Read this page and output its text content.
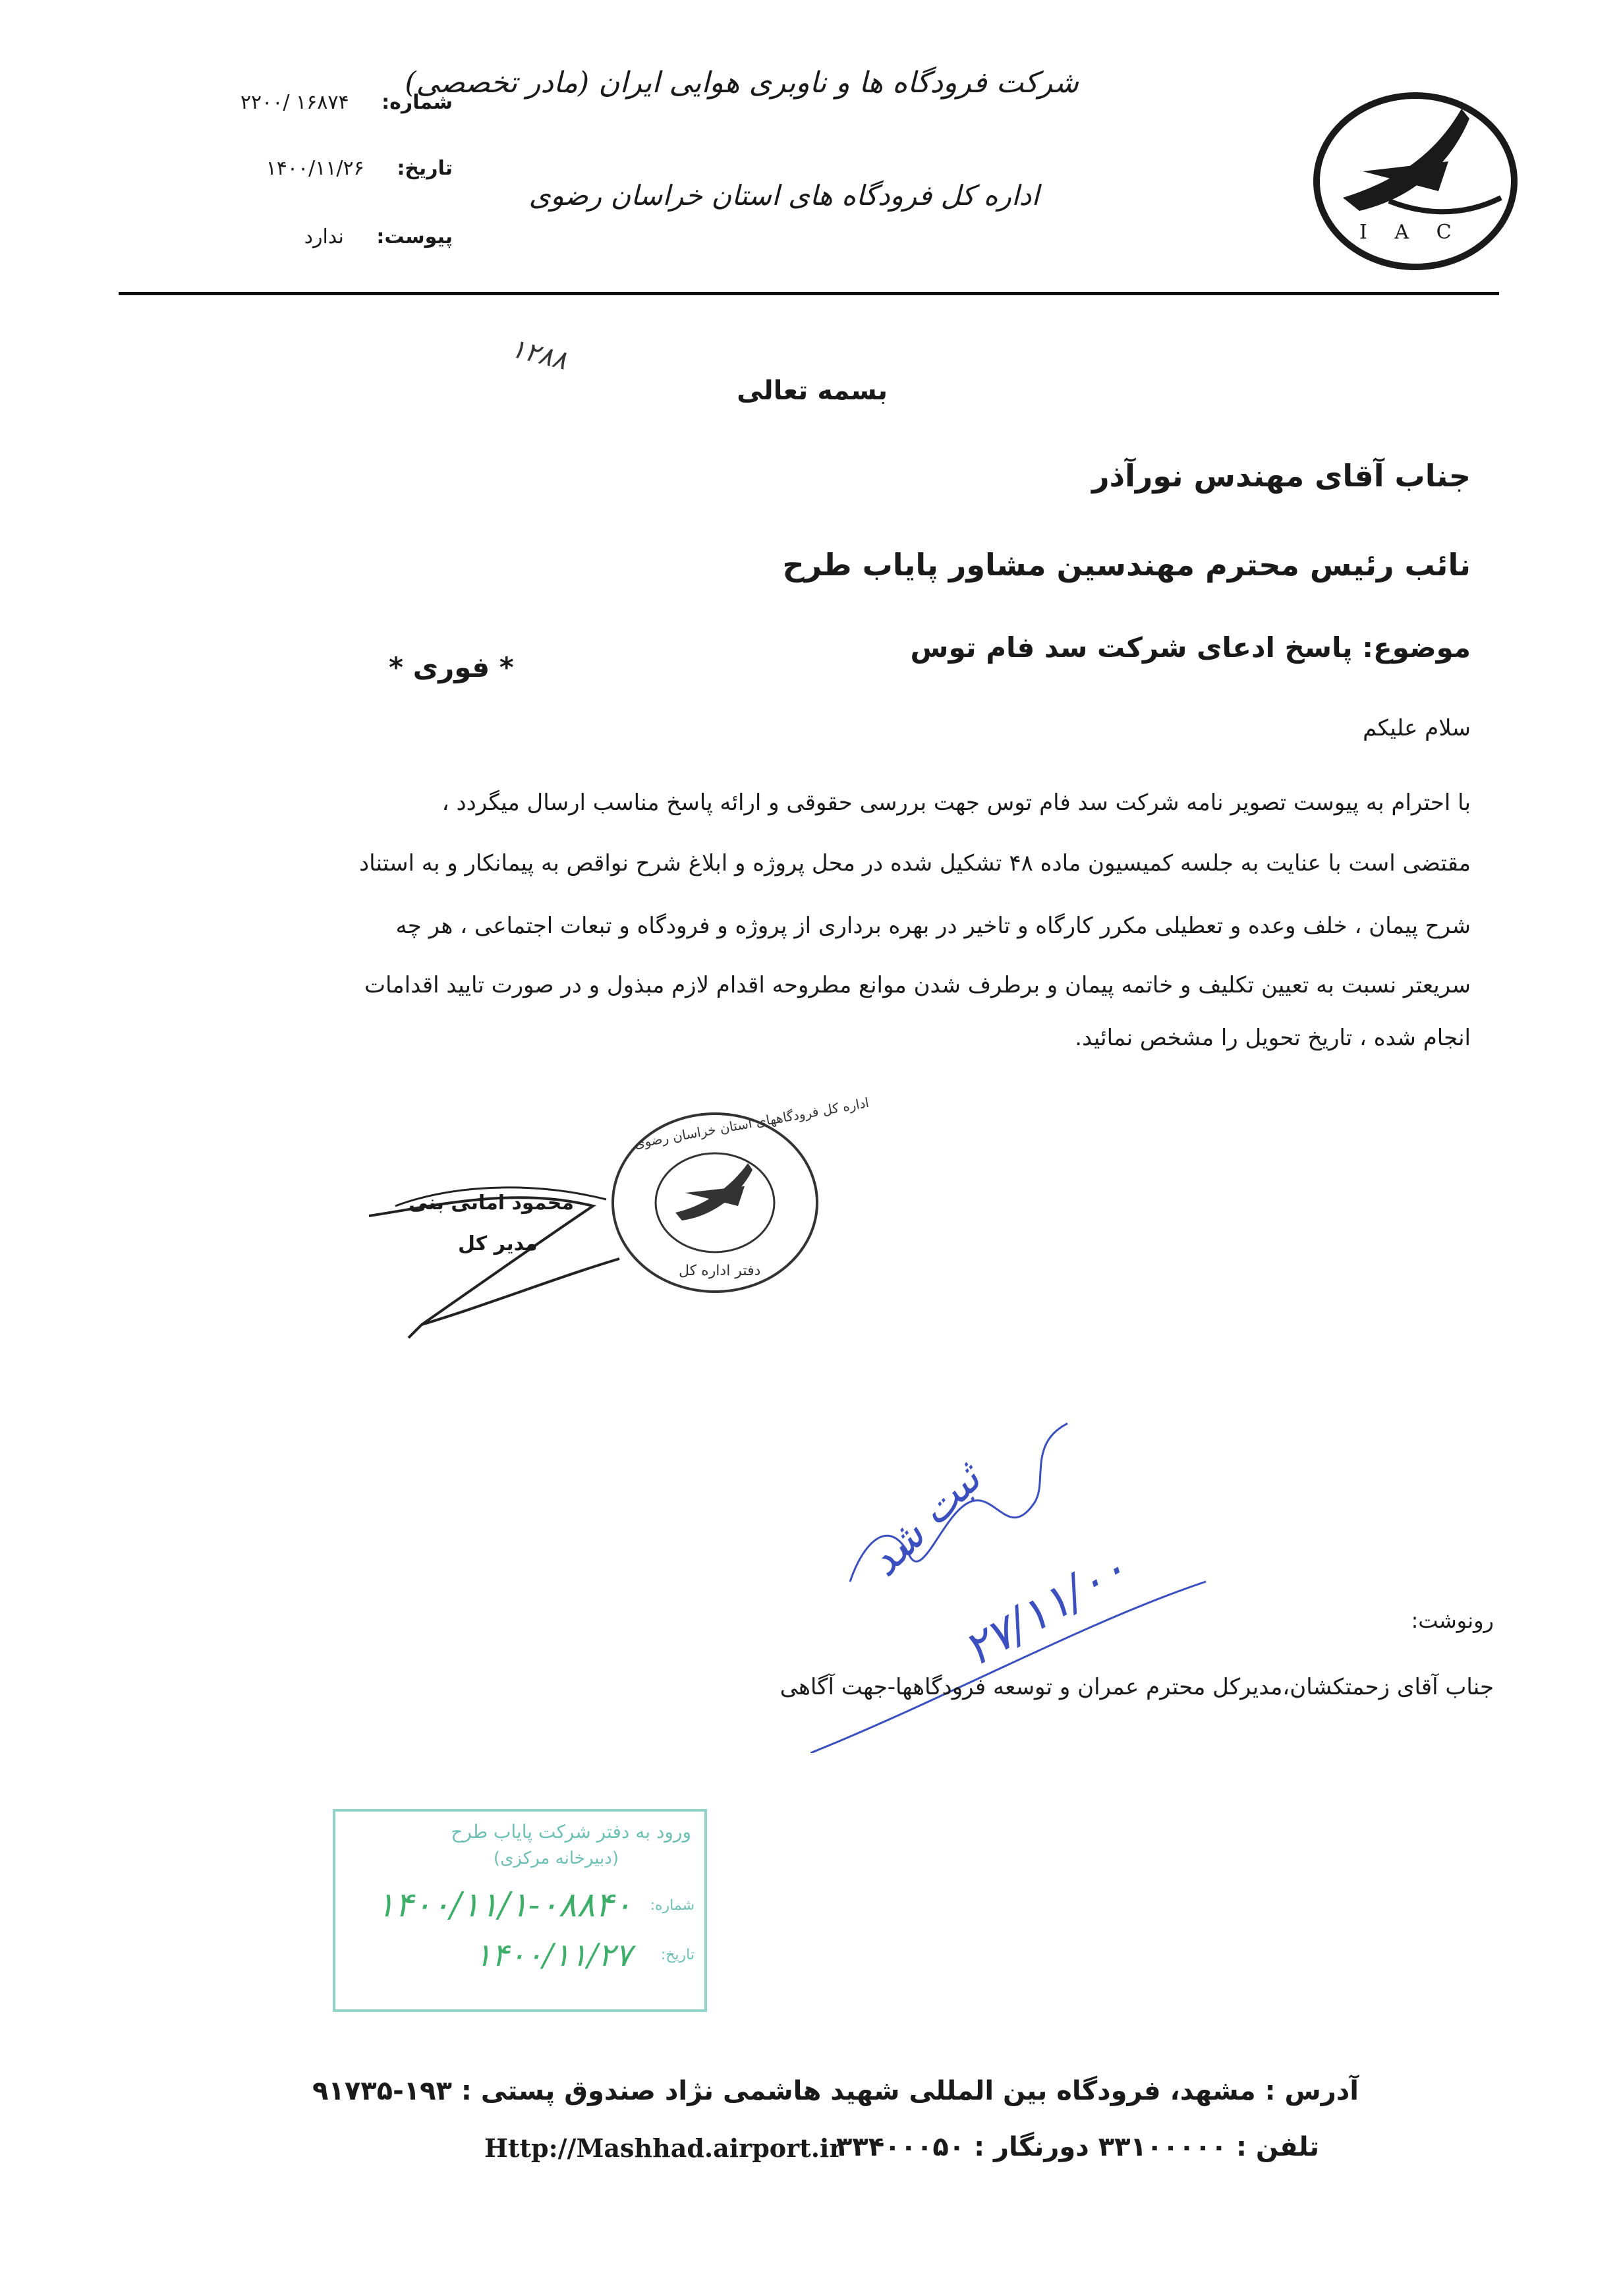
I A C
شرکت فرودگاه ها و ناوبری هوایی ایران (مادر تخصصی)
اداره کل فرودگاه های استان خراسان رضوی
شماره: ۱۶۸۷۴ /۲۲۰۰
تاریخ: ۱۴۰۰/۱۱/۲۶
پیوست: ندارد
۱۲۸۸
بسمه تعالی
جناب آقای مهندس نورآذر
نائب رئیس محترم مهندسین مشاور پایاب طرح
موضوع: پاسخ ادعای شرکت سد فام توس
* فوری *
سلام علیکم
با احترام به پیوست تصویر نامه شرکت سد فام توس جهت بررسی حقوقی و ارائه پاسخ مناسب ارسال میگردد ،
مقتضی است با عنایت به جلسه کمیسیون ماده ۴۸ تشکیل شده در محل پروژه و ابلاغ شرح نواقص به پیمانکار و به استناد
شرح پیمان ، خلف وعده و تعطیلی مکرر کارگاه و تاخیر در بهره برداری از پروژه و فرودگاه و تبعات اجتماعی ، هر چه
سریعتر نسبت به تعیین تکلیف و خاتمه پیمان و برطرف شدن موانع مطروحه اقدام لازم مبذول و در صورت تایید اقدامات
انجام شده ، تاریخ تحویل را مشخص نمائید.
اداره کل فرودگاههای استان خراسان رضوی
دفتر اداره کل
محمود امانی بنی
مدیر کل
ثبت شد
۲۷/۱۱/۰۰	رونوشت:
جناب آقای زحمتکشان،مدیرکل محترم عمران و توسعه فرودگاهها-جهت آگاهی
ورود به دفتر شرکت پایاب طرح
(دبیرخانه مرکزی)
شماره:
۱۴۰۰/۱۱/۱-۰۸۸۴۰
تاریخ:
۱۴۰۰/۱۱/۲۷
آدرس : مشهد، فرودگاه بین المللی شهید هاشمی نژاد صندوق پستی : ۱۹۳-۹۱۷۳۵
تلفن : ۳۳۱۰۰۰۰۰ دورنگار : ۳۳۴۰۰۰۵۰
Http://Mashhad.airport.ir
